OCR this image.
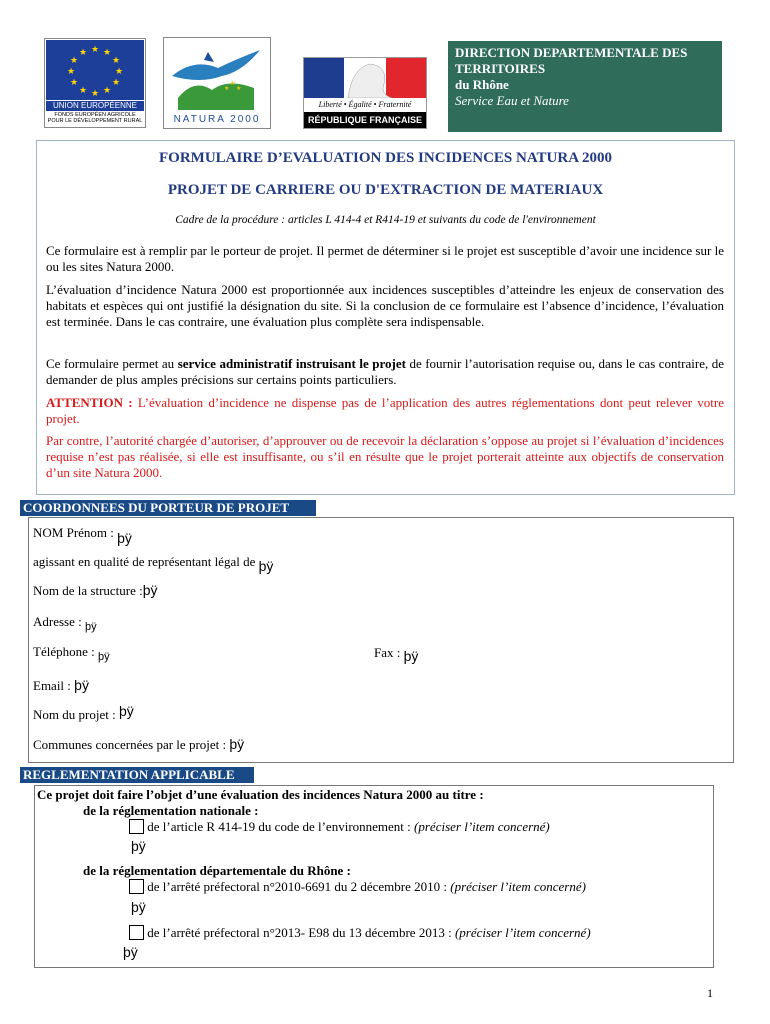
★ ★
★
★
★
★
★
★
★
★
★
★
UNION EUROPÉENNE
FONDS EUROPÉEN AGRICOLE
POUR LE DÉVELOPPEMENT RURAL
★
★
★
NATURA 2000
Liberté • Égalité • Fraternité
RÉPUBLIQUE FRANÇAISE
DIRECTION DEPARTEMENTALE DES
TERRITOIRES
du Rhône
Service Eau et Nature
FORMULAIRE D’EVALUATION DES INCIDENCES NATURA 2000
PROJET DE CARRIERE OU D'EXTRACTION DE MATERIAUX
Cadre de la procédure : articles L 414-4 et R414-19 et suivants du code de l'environnement
Ce formulaire est à remplir par le porteur de projet. Il permet de déterminer si le projet est susceptible d’avoir une incidence sur le ou les sites Natura 2000.
L’évaluation d’incidence Natura 2000 est proportionnée aux incidences susceptibles d’atteindre les enjeux de conservation des habitats et espèces qui ont justifié la désignation du site. Si la conclusion de ce formulaire est l’absence d’incidence, l’évaluation est terminée. Dans le cas contraire, une évaluation plus complète sera indispensable.
Ce formulaire permet au service administratif instruisant le projet de fournir l’autorisation requise ou, dans le cas contraire, de demander de plus amples précisions sur certains points particuliers.
ATTENTION : L’évaluation d’incidence ne dispense pas de l’application des autres réglementations dont peut relever votre projet.
Par contre, l’autorité chargée d’autoriser, d’approuver ou de recevoir la déclaration s’oppose au projet si l’évaluation d’incidences requise n’est pas réalisée, si elle est insuffisante, ou s’il en résulte que le projet porterait atteinte aux objectifs de conservation d’un site Natura 2000.
COORDONNEES DU PORTEUR DE PROJET
NOM Prénom : þÿ
agissant en qualité de représentant légal de þÿ
Nom de la structure :þÿ
Adresse : $_{þÿ}$
Téléphone : $_{þÿ}$	Fax : þÿ
Email : þÿ
Nom du projet : þÿ
Communes concernées par le projet : þÿ
REGLEMENTATION APPLICABLE
Ce projet doit faire l’objet d’une évaluation des incidences Natura 2000 au titre :
de la réglementation nationale :
de l’article R 414-19 du code de l’environnement : (préciser l’item concerné)
þÿ
de la réglementation départementale du Rhône :
de l’arrêté préfectoral n°2010-6691 du 2 décembre 2010 : (préciser l’item concerné)
þÿ
de l’arrêté préfectoral n°2013- E98 du 13 décembre 2013 : (préciser l’item concerné)
þÿ
1
